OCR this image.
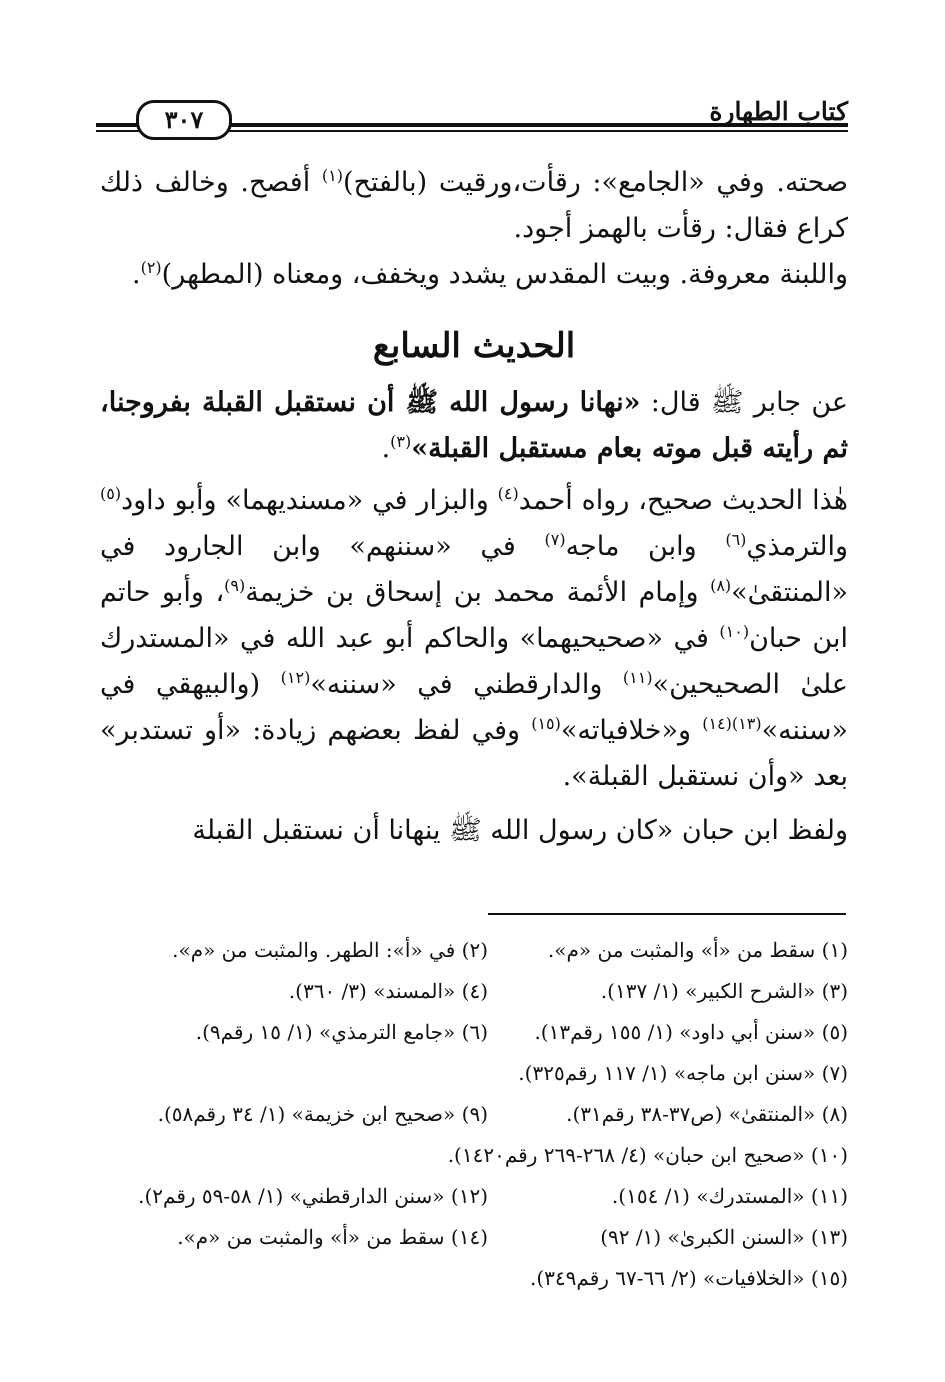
كتاب الطهارة
٣٠٧

صحته. وفي «الجامع»: رقأت،ورقيت (بالفتح)$^{(١)}$ أفصح. وخالف ذلك كراع فقال: رقأت بالهمز أجود.

واللبنة معروفة. وبيت المقدس يشدد ويخفف، ومعناه (المطهر)$^{(٢)}$.

الحديث السابع

عن جابر ﷺ قال: «نهانا رسول الله ﷺ أن نستقبل القبلة بفروجنا، ثم رأيته قبل موته بعام مستقبل القبلة»$^{(٣)}$.

هٰذا الحديث صحيح، رواه أحمد$^{(٤)}$ والبزار في «مسنديهما» وأبو داود$^{(٥)}$ والترمذي$^{(٦)}$ وابن ماجه$^{(٧)}$ في «سننهم» وابن الجارود في «المنتقىٰ»$^{(٨)}$ وإمام الأئمة محمد بن إسحاق بن خزيمة$^{(٩)}$، وأبو حاتم ابن حبان$^{(١٠)}$ في «صحيحيهما» والحاكم أبو عبد الله في «المستدرك علىٰ الصحيحين»$^{(١١)}$ والدارقطني في «سننه»$^{(١٢)}$ (والبيهقي في «سننه»$^{(١٣)(١٤)}$ و«خلافياته»$^{(١٥)}$ وفي لفظ بعضهم زيادة: «أو تستدبر» بعد «وأن نستقبل القبلة».

ولفظ ابن حبان «كان رسول الله ﷺ ينهانا أن نستقبل القبلة

(١) سقط من «أ» والمثبت من «م».
(٢) في «أ»: الطهر. والمثبت من «م».
(٣) «الشرح الكبير» (١/ ١٣٧).
(٤) «المسند» (٣/ ٣٦٠).
(٥) «سنن أبي داود» (١/ ١٥٥ رقم١٣).
(٦) «جامع الترمذي» (١/ ١٥ رقم٩).
(٧) «سنن ابن ماجه» (١/ ١١٧ رقم٣٢٥).
(٨) «المنتقىٰ» (ص٣٧-٣٨ رقم٣١).
(٩) «صحيح ابن خزيمة» (١/ ٣٤ رقم٥٨).
(١٠) «صحيح ابن حبان» (٤/ ٢٦٨-٢٦٩ رقم١٤٢٠).
(١١) «المستدرك» (١/ ١٥٤).
(١٢) «سنن الدارقطني» (١/ ٥٨-٥٩ رقم٢).
(١٣) «السنن الكبرىٰ» (١/ ٩٢)
(١٤) سقط من «أ» والمثبت من «م».
(١٥) «الخلافيات» (٢/ ٦٦-٦٧ رقم٣٤٩).
